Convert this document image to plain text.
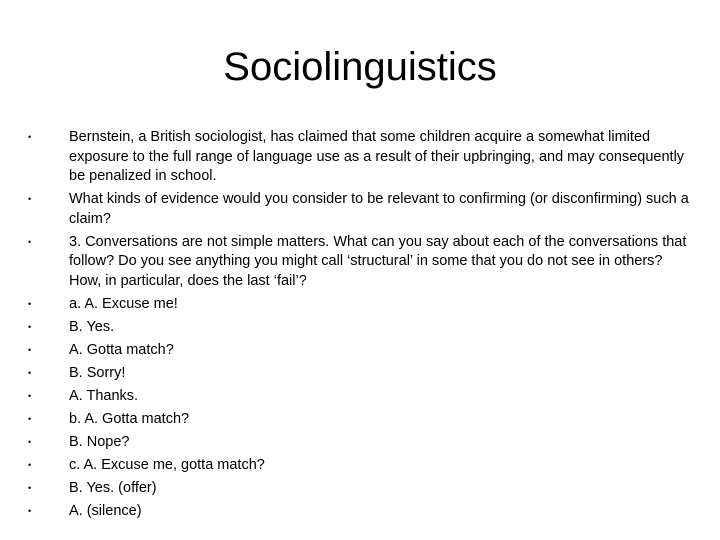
Sociolinguistics
•	Bernstein, a British sociologist, has claimed that some children acquire a somewhat limited exposure to the full range of language use as a result of their upbringing, and may consequently be penalized in school.
•	What kinds of evidence would you consider to be relevant to confirming (or disconfirming) such a claim?
•	3. Conversations are not simple matters. What can you say about each of the conversations that follow? Do you see anything you might call ‘structural’ in some that you do not see in others? How, in particular, does the last ‘fail’?
•	a. A. Excuse me!
•	B. Yes.
•	A. Gotta match?
•	B. Sorry!
•	A. Thanks.
•	b. A. Gotta match?
•	B. Nope?
•	c. A. Excuse me, gotta match?
•	B. Yes. (offer)
•	A. (silence)
